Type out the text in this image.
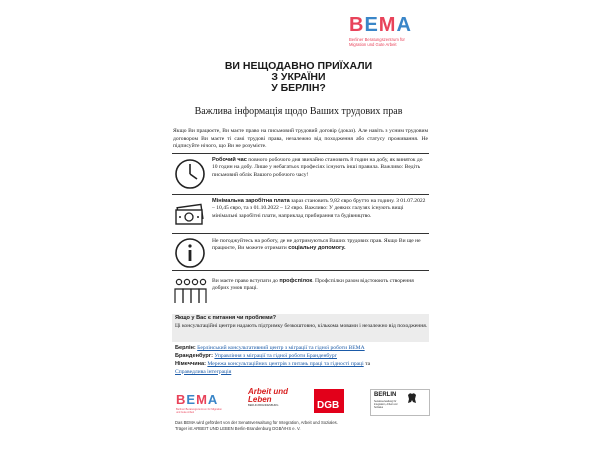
BEMA
Berliner Beratungszentrum für
Migration und Gute Arbeit
ВИ НЕЩОДАВНО ПРИЇХАЛИ
З УКРАЇНИ
У БЕРЛІН?
Важлива інформація щодо Ваших трудових прав
Якщо Ви працюєте, Ви маєте право на письмовий трудовий договір (доказ). Але навіть з усним трудовим договором Ви маєте ті самі трудові права, незалежно від походження або статусу проживання. Не підписуйте нічого, що Ви не розумієте.
Робочий час повного робочого дня звичайно становить 8 годин на добу, як виняток до 10 годин на добу. Лише у небагатьох професіях існують інші правила. Важливо: Ведіть письмовий облік Вашого робочого часу!
Мінімальна заробітна плата зараз становить 9,82 євро брутто на годину. З 01.07.2022 – 10,45 євро, та з 01.10.2022 – 12 євро. Важливо: У деяких галузях існують вищі мінімальні заробітні плати, наприклад прибирання та будівництво.
Не погоджуйтесь на роботу, де не дотримуються Ваших трудових прав. Якщо Ви ще не працюєте, Ви можете отримати соціальну допомогу.
Ви маєте право вступати до профспілок. Профспілки разом відстоюють створення добрих умов праці.
Якщо у Вас є питання чи проблеми?
Ці консультаційні центри надають підтримку безкоштовно, кількома мовами і незалежно від походження.
Берлін: Берлінський консультативний центр з міграції та гідної роботи BEMA
Бранденбург: Управління з міграції та гідної роботи Бранденбург
Німеччина: Мережа консультаційних центрів з питань праці та гідності праці та
Справедлива інтеграція
BEMA
Berliner Beratungszentrum für Migration und Gute Arbeit
Arbeit und
Leben
BERLIN-BRANDENBURG	DGB
BERLIN
Senatsverwaltung für Integration, Arbeit und Soziales
Das BEMA wird gefördert von der Senatsverwaltung für Integration, Arbeit und Soziales.
Träger ist ARBEIT UND LEBEN Berlin-Brandenburg DGB/VHS e. V.
